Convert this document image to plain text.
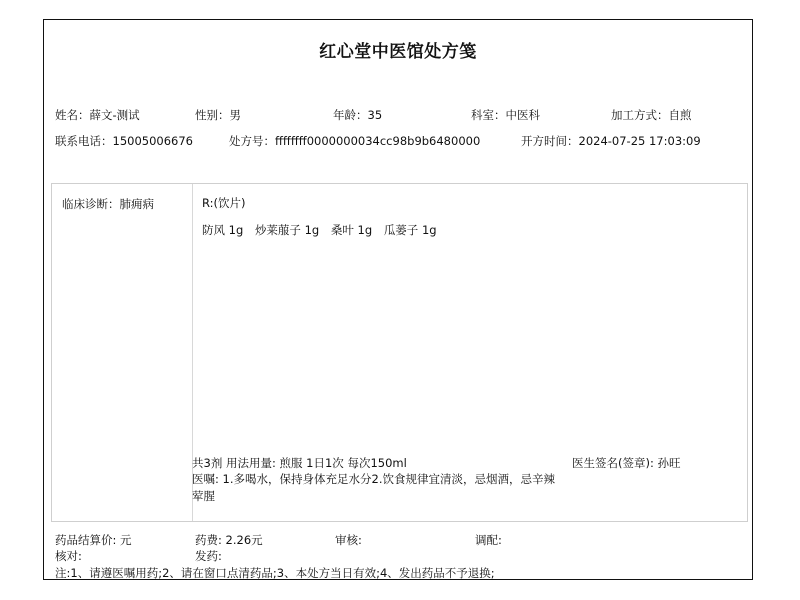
红心堂中医馆处方笺
姓名：薛文-测试	性别：男	年龄：35	科室：中医科	加工方式：自煎
联系电话：15005006676	处方号：ffffffff0000000034cc98b9b6480000	开方时间：2024-07-25 17:03:09
临床诊断：肺痈病	R:(饮片)
防风 1g 炒莱菔子 1g 桑叶 1g 瓜蒌子 1g
共3剂 用法用量: 煎服 1日1次 每次150ml	医生签名(签章): 孙旺
医嘱: 1.多喝水，保持身体充足水分2.饮食规律宜清淡，忌烟酒，忌辛辣
荤腥
药品结算价: 元	药费: 2.26元	审核:	调配:
核对:	发药:
注:1、请遵医嘱用药;2、请在窗口点清药品;3、本处方当日有效;4、发出药品不予退换;
